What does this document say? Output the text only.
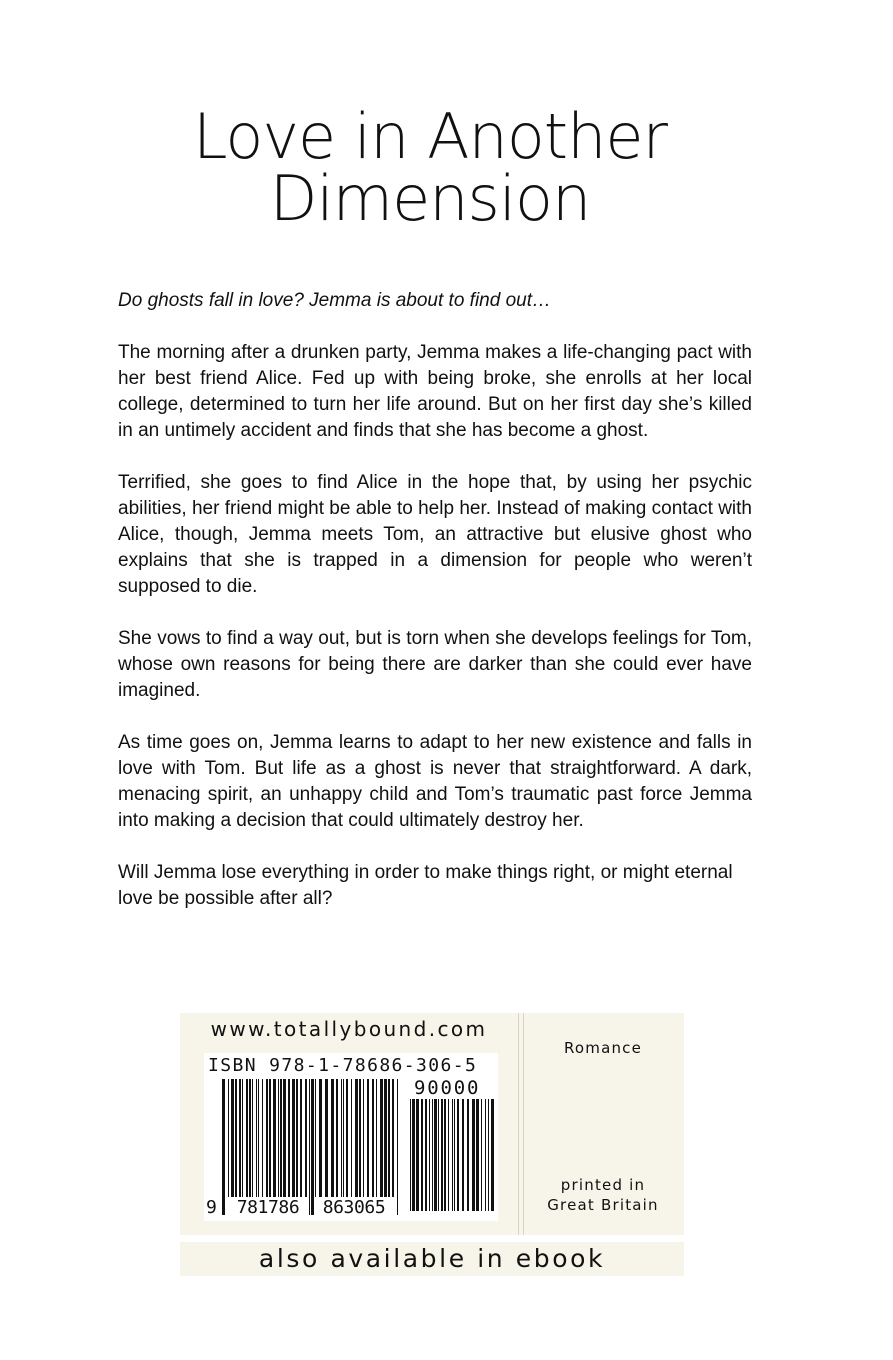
Love in Another
Dimension

Do ghosts fall in love? Jemma is about to find out…

The morning after a drunken party, Jemma makes a life-changing pact with her best friend Alice. Fed up with being broke, she enrolls at her local college, determined to turn her life around. But on her first day she’s killed in an untimely accident and finds that she has become a ghost.

Terrified, she goes to find Alice in the hope that, by using her psychic abilities, her friend might be able to help her. Instead of making contact with Alice, though, Jemma meets Tom, an attractive but elusive ghost who explains that she is trapped in a dimension for people who weren’t supposed to die.

She vows to find a way out, but is torn when she develops feelings for Tom, whose own reasons for being there are darker than she could ever have imagined.

As time goes on, Jemma learns to adapt to her new existence and falls in love with Tom. But life as a ghost is never that straightforward. A dark, menacing spirit, an unhappy child and Tom’s traumatic past force Jemma into making a decision that could ultimately destroy her.

Will Jemma lose everything in order to make things right, or might eternal love be possible after all?

www.totallybound.com
ISBN 978-1-78686-306-5
90000
9	781786	863065
Romance
printed in
Great Britain
also available in ebook
